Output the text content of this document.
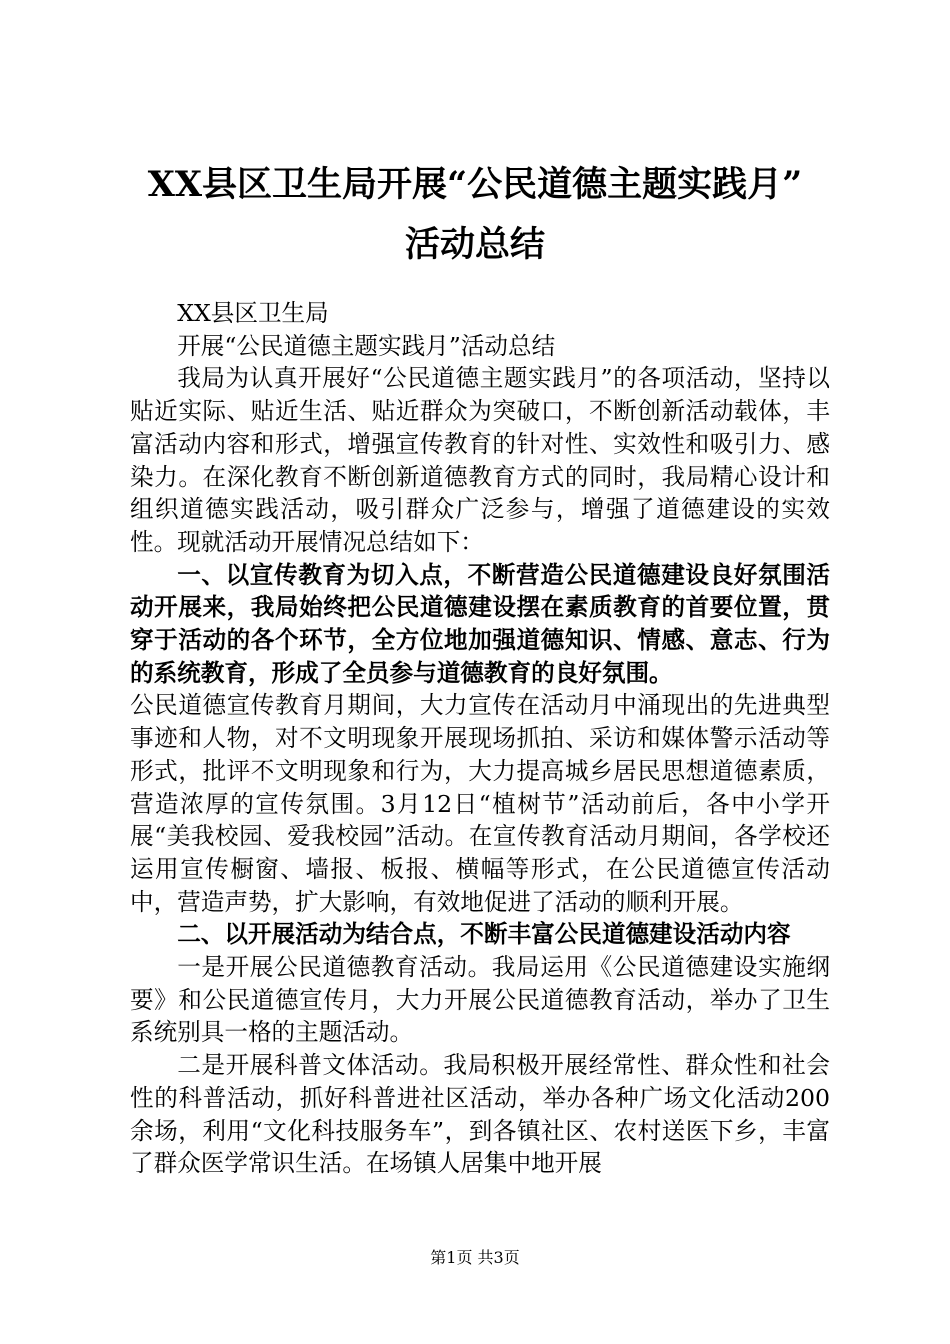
XX县区卫生局开展“公民道德主题实践月”
活动总结

XX县区卫生局

开展“公民道德主题实践月”活动总结

我局为认真开展好“公民道德主题实践月”的各项活动，坚持以贴近实际、贴近生活、贴近群众为突破口，不断创新活动载体，丰富活动内容和形式，增强宣传教育的针对性、实效性和吸引力、感染力。在深化教育不断创新道德教育方式的同时，我局精心设计和组织道德实践活动，吸引群众广泛参与，增强了道德建设的实效性。现就活动开展情况总结如下：

一、以宣传教育为切入点，不断营造公民道德建设良好氛围活动开展来，我局始终把公民道德建设摆在素质教育的首要位置，贯穿于活动的各个环节，全方位地加强道德知识、情感、意志、行为的系统教育，形成了全员参与道德教育的良好氛围。

公民道德宣传教育月期间，大力宣传在活动月中涌现出的先进典型事迹和人物，对不文明现象开展现场抓拍、采访和媒体警示活动等形式，批评不文明现象和行为，大力提高城乡居民思想道德素质，营造浓厚的宣传氛围。3月12日“植树节”活动前后，各中小学开展“美我校园、爱我校园”活动。在宣传教育活动月期间，各学校还运用宣传橱窗、墙报、板报、横幅等形式，在公民道德宣传活动中，营造声势，扩大影响，有效地促进了活动的顺利开展。

二、以开展活动为结合点，不断丰富公民道德建设活动内容

一是开展公民道德教育活动。我局运用《公民道德建设实施纲要》和公民道德宣传月，大力开展公民道德教育活动，举办了卫生系统别具一格的主题活动。

二是开展科普文体活动。我局积极开展经常性、群众性和社会性的科普活动，抓好科普进社区活动，举办各种广场文化活动200余场，利用“文化科技服务车”，到各镇社区、农村送医下乡，丰富了群众医学常识生活。在场镇人居集中地开展

第1页 共3页
